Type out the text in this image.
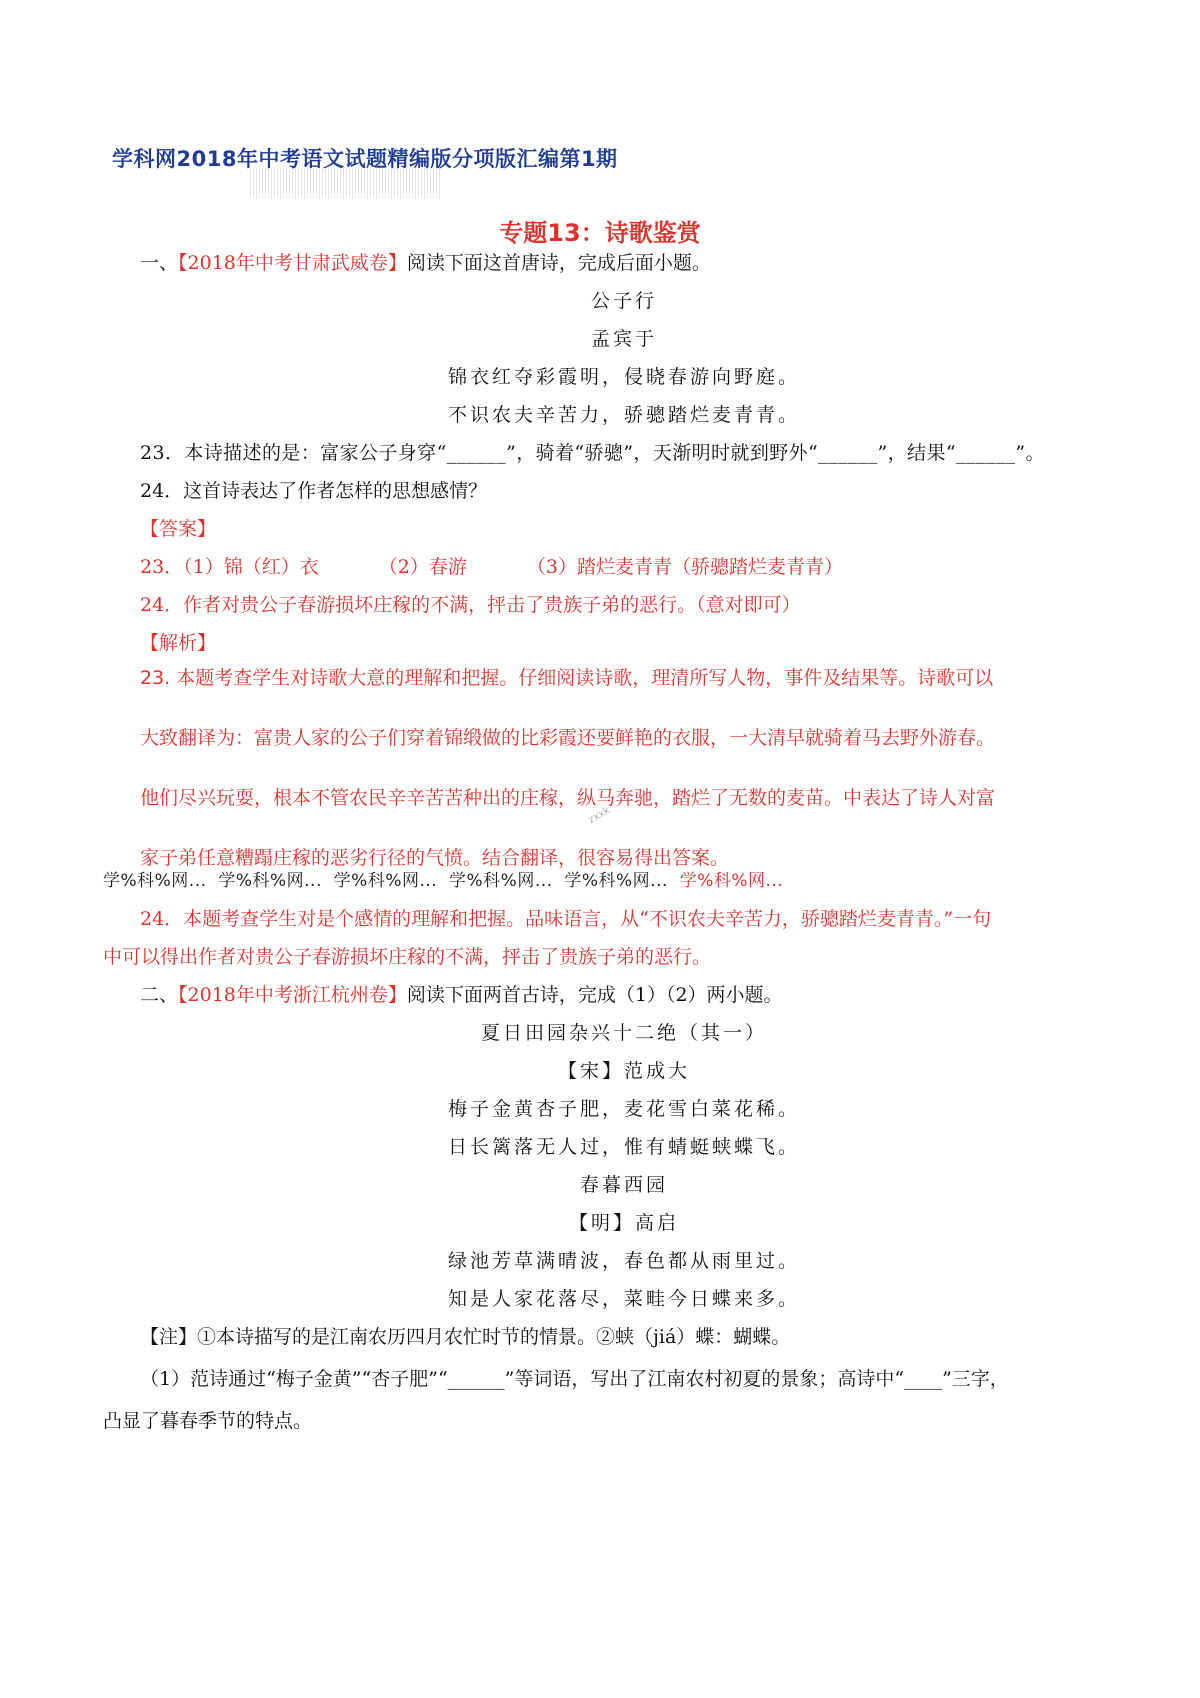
学科网2018年中考语文试题精编版分项版汇编第1期
专题13：诗歌鉴赏
一、【2018年中考甘肃武威卷】阅读下面这首唐诗，完成后面小题。
公子行
孟宾于
锦衣红夺彩霞明，侵晓春游向野庭。
不识农夫辛苦力，骄骢踏烂麦青青。
23．本诗描述的是：富家公子身穿“______”，骑着“骄骢”，天渐明时就到野外“______”，结果“______”。
24．这首诗表达了作者怎样的思想感情？
【答案】
23．（1）锦（红）衣	（2）春游	（3）踏烂麦青青（骄骢踏烂麦青青）
24．作者对贵公子春游损坏庄稼的不满，抨击了贵族子弟的恶行。（意对即可）
【解析】
23. 本题考查学生对诗歌大意的理解和把握。仔细阅读诗歌，理清所写人物，事件及结果等。诗歌可以
大致翻译为：富贵人家的公子们穿着锦缎做的比彩霞还要鲜艳的衣服，一大清早就骑着马去野外游春。
他们尽兴玩耍，根本不管农民辛辛苦苦种出的庄稼，纵马奔驰，踏烂了无数的麦苗。中表达了诗人对富
家子弟任意糟蹋庄稼的恶劣行径的气愤。结合翻译，很容易得出答案。
zxxk
学%科%网... 学%科%网... 学%科%网... 学%科%网... 学%科%网... 学%科%网...
24．本题考查学生对是个感情的理解和把握。品味语言，从“不识农夫辛苦力，骄骢踏烂麦青青。”一句
中可以得出作者对贵公子春游损坏庄稼的不满，抨击了贵族子弟的恶行。
二、【2018年中考浙江杭州卷】阅读下面两首古诗，完成（1）（2）两小题。
夏日田园杂兴十二绝（其一）
【宋】范成大
梅子金黄杏子肥，麦花雪白菜花稀。
日长篱落无人过，惟有蜻蜓蛱蝶飞。
春暮西园
【明】高启
绿池芳草满晴波，春色都从雨里过。
知是人家花落尽，菜畦今日蝶来多。
【注】①本诗描写的是江南农历四月农忙时节的情景。②蛱（jiá）蝶：蝴蝶。
（1）范诗通过“梅子金黄”“杏子肥”“______”等词语，写出了江南农村初夏的景象；高诗中“____”三字，
凸显了暮春季节的特点。
